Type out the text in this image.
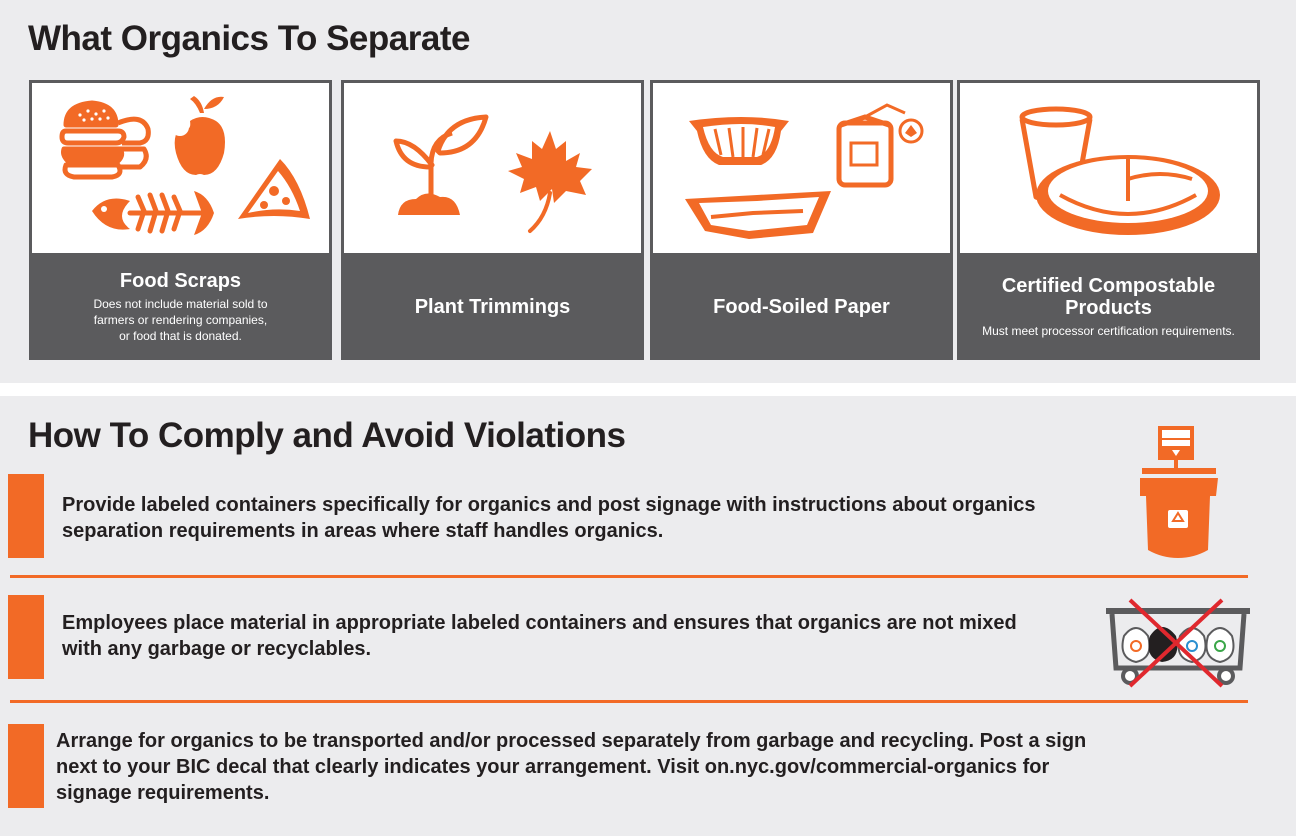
What Organics To Separate
Food Scraps
Does not include material sold to
farmers or rendering companies,
or food that is donated.
Plant Trimmings	Food-Soiled Paper
Certified Compostable
Products
Must meet processor certification requirements.
How To Comply and Avoid Violations
Provide labeled containers specifically for organics and post signage with instructions about organics
separation requirements in areas where staff handles organics.
Employees place material in appropriate labeled containers and ensures that organics are not mixed
with any garbage or recyclables.
Arrange for organics to be transported and/or processed separately from garbage and recycling. Post a sign
next to your BIC decal that clearly indicates your arrangement. Visit on.nyc.gov/commercial-organics for
signage requirements.
